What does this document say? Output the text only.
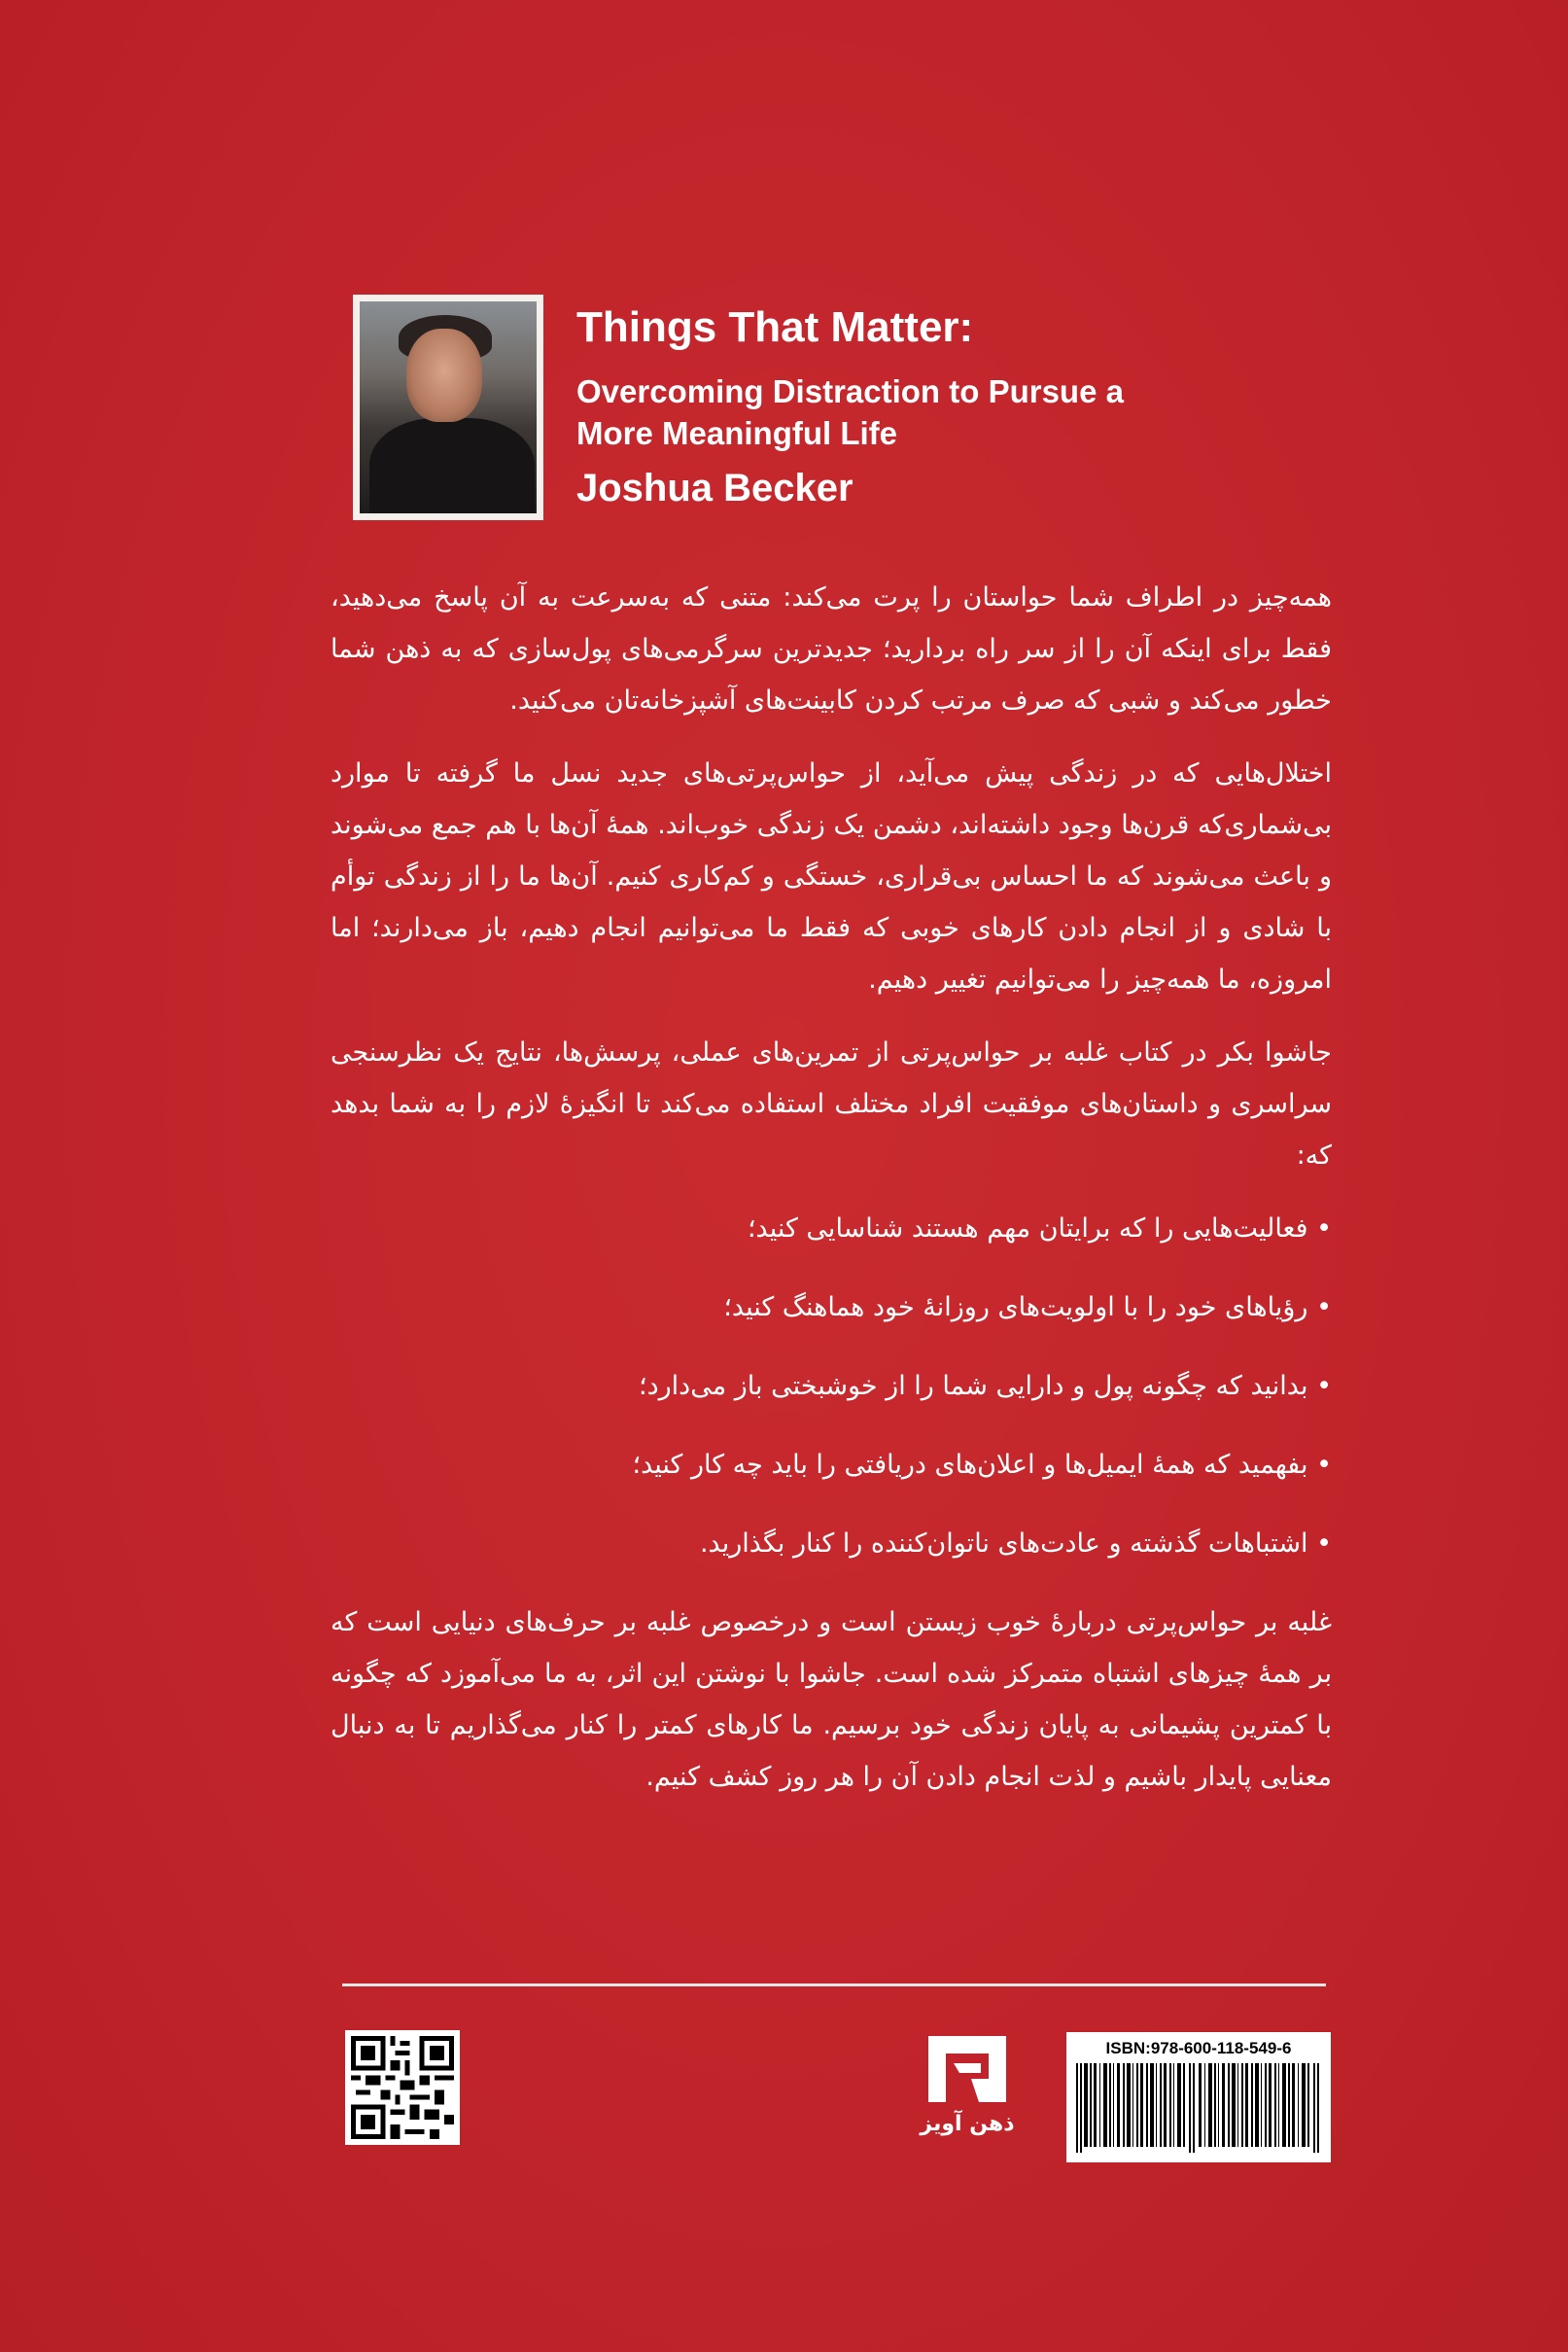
Things That Matter:
Overcoming Distraction to Pursue a
More Meaningful Life
Joshua Becker

همه‌چیز در اطراف شما حواستان را پرت می‌کند: متنی که به‌سرعت به آن پاسخ می‌دهید، فقط برای اینکه آن را از سر راه بردارید؛ جدیدترین سرگرمی‌های پول‌سازی که به ذهن شما خطور می‌کند و شبی که صرف مرتب کردن کابینت‌های آشپزخانه‌تان می‌کنید.

اختلال‌هایی که در زندگی پیش می‌آید، از حواس‌پرتی‌های جدید نسل ما گرفته تا موارد بی‌شماری‌که قرن‌ها وجود داشته‌اند، دشمن یک زندگی خوب‌اند. همهٔ آن‌ها با هم جمع می‌شوند و باعث می‌شوند که ما احساس بی‌قراری، خستگی و کم‌کاری کنیم. آن‌ها ما را از زندگی توأم با شادی و از انجام دادن کارهای خوبی که فقط ما می‌توانیم انجام دهیم، باز می‌دارند؛ اما امروزه، ما همه‌چیز را می‌توانیم تغییر دهیم.

جاشوا بکر در کتاب غلبه بر حواس‌پرتی از تمرین‌های عملی، پرسش‌ها، نتایج یک نظرسنجی سراسری و داستان‌های موفقیت افراد مختلف استفاده می‌کند تا انگیزهٔ لازم را به شما بدهد که:

• فعالیت‌هایی را که برایتان مهم هستند شناسایی کنید؛
• رؤیاهای خود را با اولویت‌های روزانهٔ خود هماهنگ کنید؛
• بدانید که چگونه پول و دارایی شما را از خوشبختی باز می‌دارد؛
• بفهمید که همهٔ ایمیل‌ها و اعلان‌های دریافتی را باید چه کار کنید؛
• اشتباهات گذشته و عادت‌های ناتوان‌کننده را کنار بگذارید.

غلبه بر حواس‌پرتی دربارهٔ خوب زیستن است و درخصوص غلبه بر حرف‌های دنیایی است که بر همهٔ چیزهای اشتباه متمرکز شده است. جاشوا با نوشتن این اثر، به ما می‌آموزد که چگونه با کمترین پشیمانی به پایان زندگی خود برسیم. ما کارهای کمتر را کنار می‌گذاریم تا به دنبال معنایی پایدار باشیم و لذت انجام دادن آن را هر روز کشف کنیم.

ذهن آویز
ISBN:978-600-118-549-6
